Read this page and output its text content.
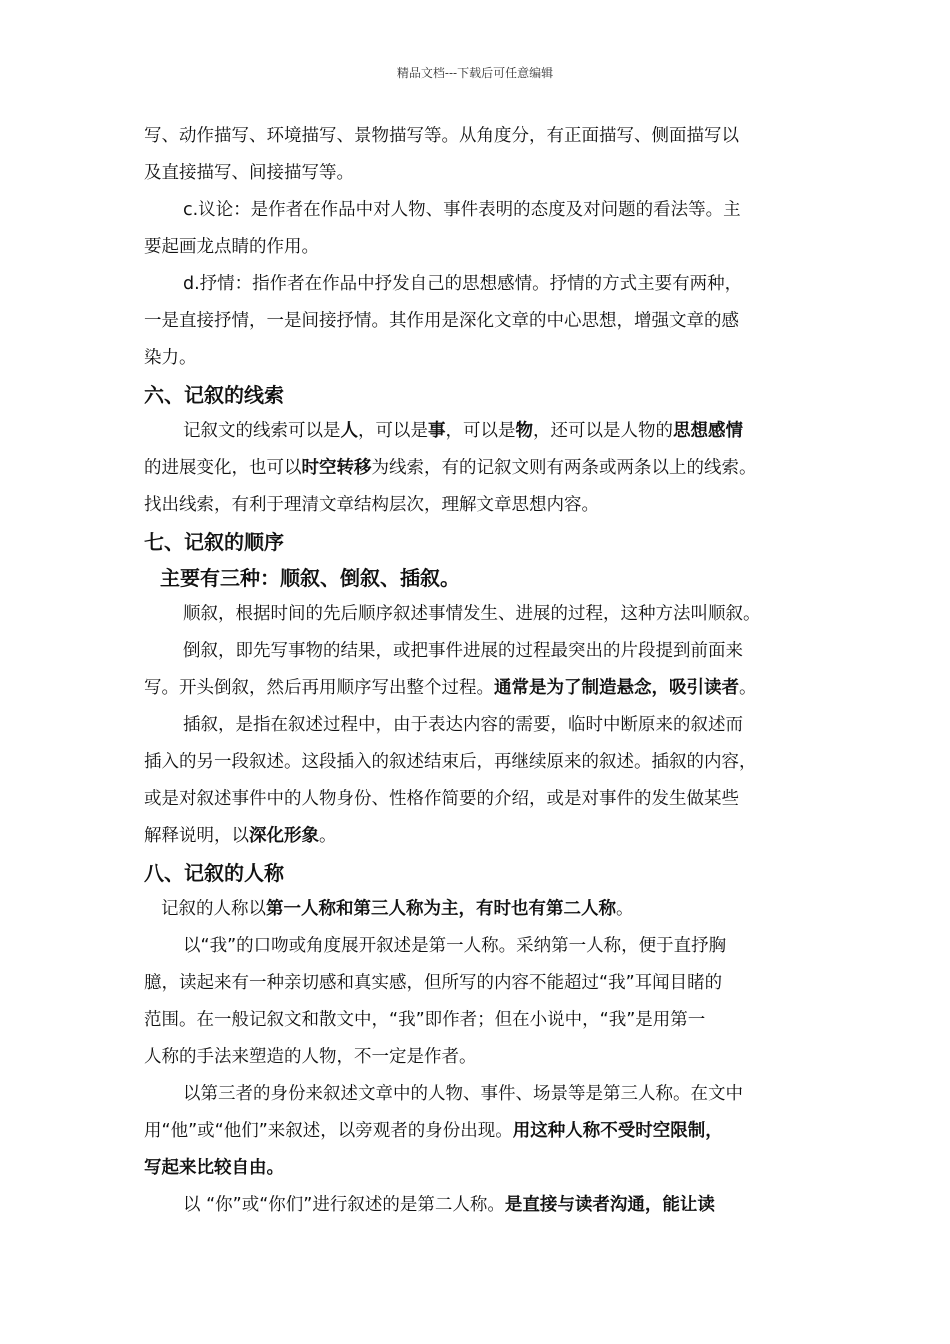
精品文档---下载后可任意编辑

写、动作描写、环境描写、景物描写等。从角度分，有正面描写、侧面描写以

及直接描写、间接描写等。

c.议论：是作者在作品中对人物、事件表明的态度及对问题的看法等。主

要起画龙点睛的作用。

d.抒情：指作者在作品中抒发自己的思想感情。抒情的方式主要有两种，

一是直接抒情，一是间接抒情。其作用是深化文章的中心思想，增强文章的感

染力。

六、记叙的线索

记叙文的线索可以是人，可以是事，可以是物，还可以是人物的思想感情

的进展变化，也可以时空转移为线索，有的记叙文则有两条或两条以上的线索。

找出线索，有利于理清文章结构层次，理解文章思想内容。

七、记叙的顺序

主要有三种：顺叙、倒叙、插叙。

顺叙，根据时间的先后顺序叙述事情发生、进展的过程，这种方法叫顺叙。

倒叙，即先写事物的结果，或把事件进展的过程最突出的片段提到前面来

写。开头倒叙，然后再用顺序写出整个过程。通常是为了制造悬念，吸引读者。

插叙，是指在叙述过程中，由于表达内容的需要，临时中断原来的叙述而

插入的另一段叙述。这段插入的叙述结束后，再继续原来的叙述。插叙的内容，

或是对叙述事件中的人物身份、性格作简要的介绍，或是对事件的发生做某些

解释说明，以深化形象。

八、记叙的人称

记叙的人称以第一人称和第三人称为主，有时也有第二人称。

以“我”的口吻或角度展开叙述是第一人称。采纳第一人称，便于直抒胸

臆，读起来有一种亲切感和真实感，但所写的内容不能超过“我”耳闻目睹的

范围。在一般记叙文和散文中，“我”即作者；但在小说中，“我”是用第一

人称的手法来塑造的人物，不一定是作者。

以第三者的身份来叙述文章中的人物、事件、场景等是第三人称。在文中

用“他”或“他们”来叙述，以旁观者的身份出现。用这种人称不受时空限制，

写起来比较自由。

以 “你”或“你们”进行叙述的是第二人称。是直接与读者沟通，能让读
